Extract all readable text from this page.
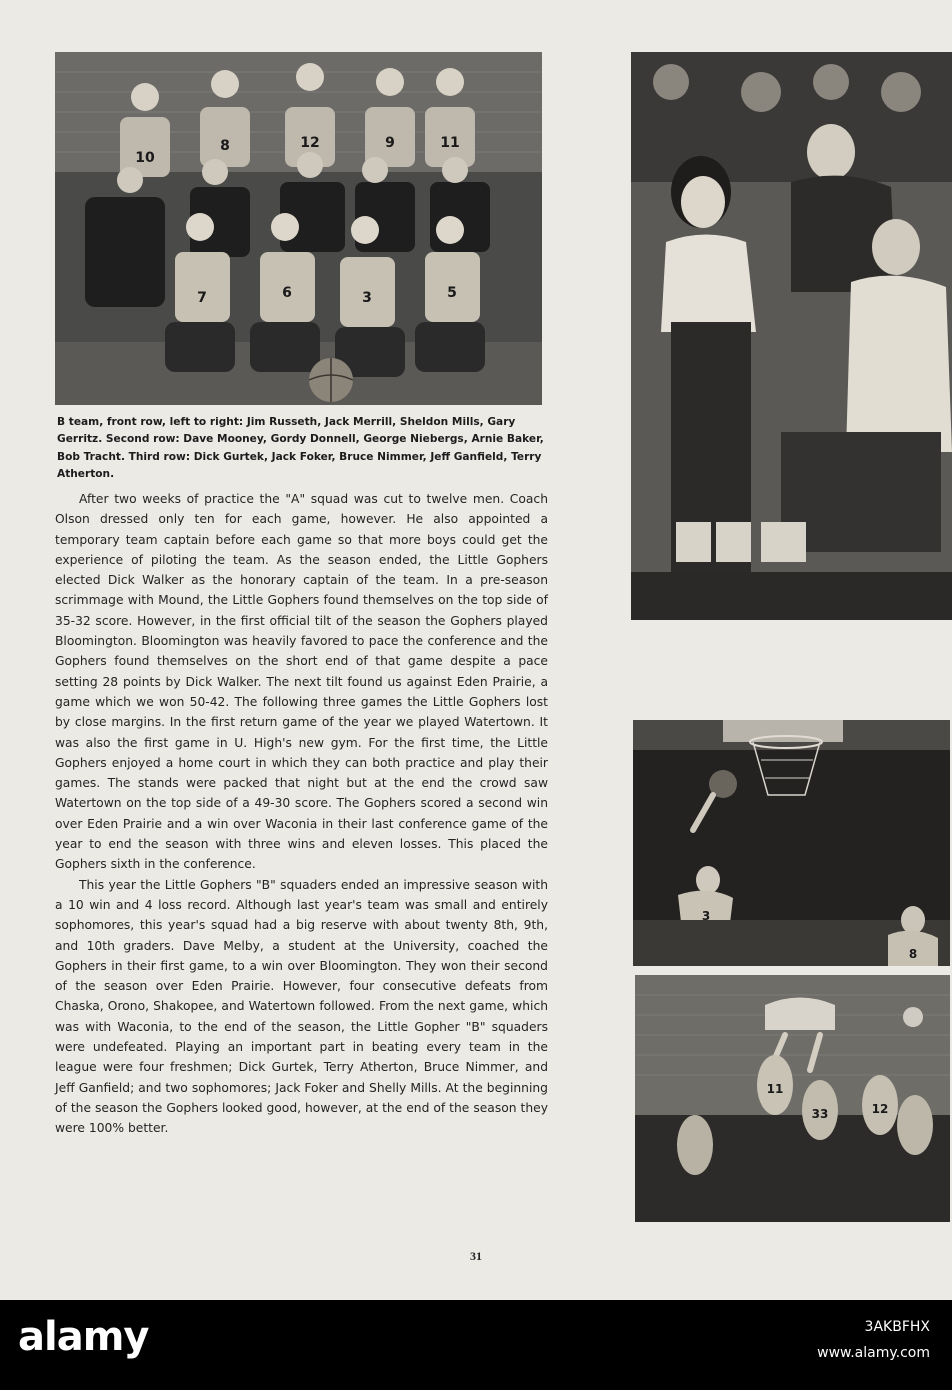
10
8	12	9	11
7	6	3	5
B team, front row, left to right: Jim Russeth, Jack Merrill, Sheldon Mills, Gary Gerritz. Second row: Dave Mooney, Gordy Donnell, George Niebergs, Arnie Baker, Bob Tracht. Third row: Dick Gurtek, Jack Foker, Bruce Nimmer, Jeff Ganfield, Terry Atherton.

After two weeks of practice the "A" squad was cut to twelve men. Coach Olson dressed only ten for each game, however. He also appointed a temporary team captain before each game so that more boys could get the experience of piloting the team. As the season ended, the Little Gophers elected Dick Walker as the honorary captain of the team. In a pre-season scrimmage with Mound, the Little Gophers found themselves on the top side of 35-32 score. However, in the first official tilt of the season the Gophers played Bloomington. Bloomington was heavily favored to pace the conference and the Gophers found themselves on the short end of that game despite a pace setting 28 points by Dick Walker. The next tilt found us against Eden Prairie, a game which we won 50-42. The following three games the Little Gophers lost by close margins. In the first return game of the year we played Watertown. It was also the first game in U. High's new gym. For the first time, the Little Gophers enjoyed a home court in which they can both practice and play their games. The stands were packed that night but at the end the crowd saw Watertown on the top side of a 49-30 score. The Gophers scored a second win over Eden Prairie and a win over Waconia in their last conference game of the year to end the season with three wins and eleven losses. This placed the Gophers sixth in the conference.

This year the Little Gophers "B" squaders ended an impressive season with a 10 win and 4 loss record. Although last year's team was small and entirely sophomores, this year's squad had a big reserve with about twenty 8th, 9th, and 10th graders. Dave Melby, a student at the University, coached the Gophers in their first game, to a win over Bloomington. They won their second of the season over Eden Prairie. However, four consecutive defeats from Chaska, Orono, Shakopee, and Watertown followed. From the next game, which was with Waconia, to the end of the season, the Little Gopher "B" squaders were undefeated. Playing an important part in beating every team in the league were four freshmen; Dick Gurtek, Terry Atherton, Bruce Nimmer, and Jeff Ganfield; and two sophomores; Jack Foker and Shelly Mills. At the beginning of the season the Gophers looked good, however, at the end of the season they were 100% better.

3
8
11
33	12
31
alamy	3AKBFHX
www.alamy.com
